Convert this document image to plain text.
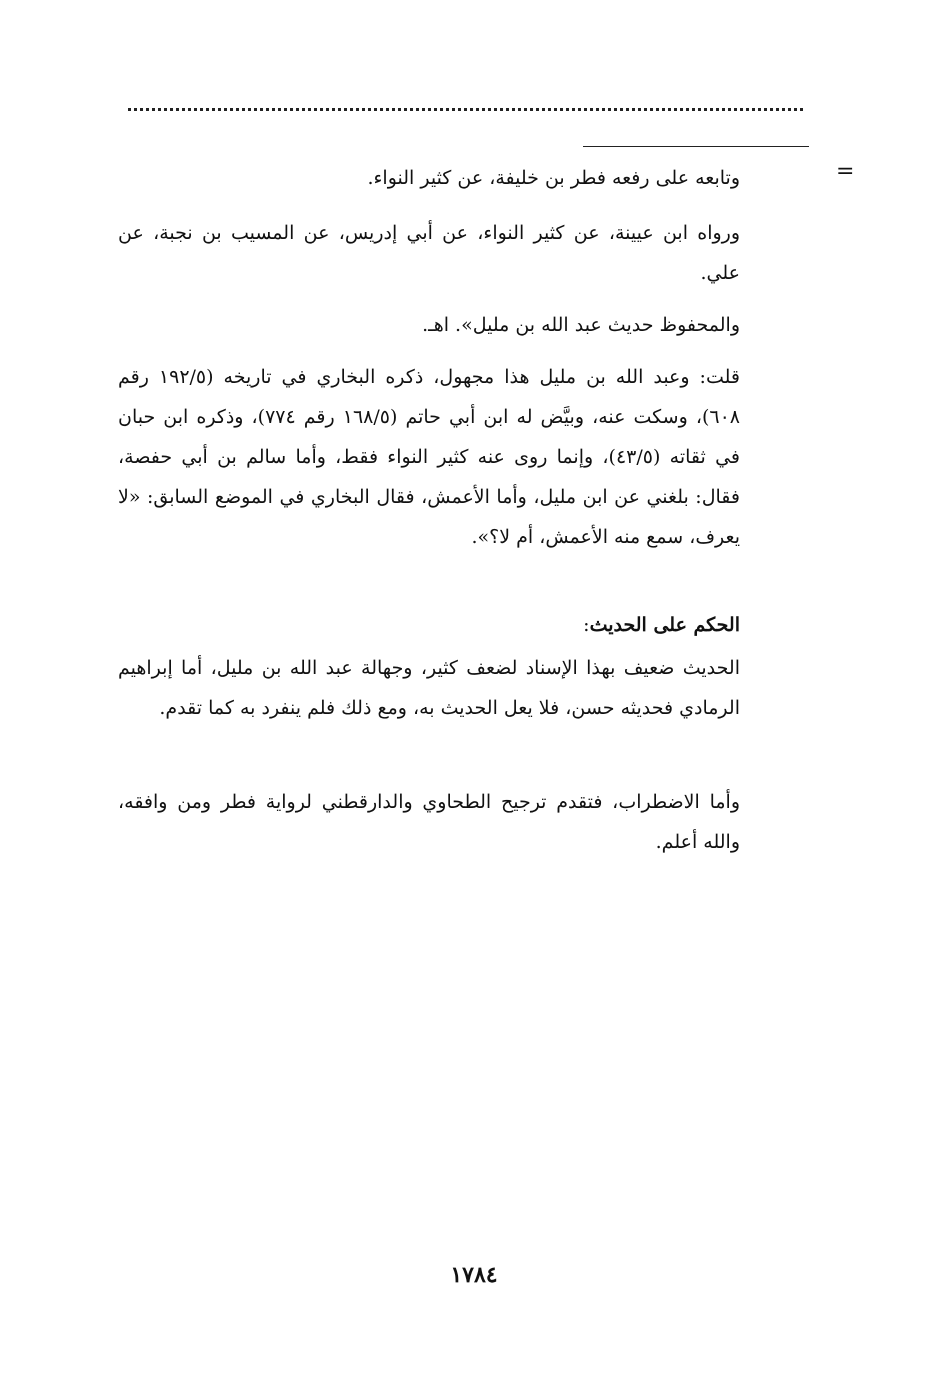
=

وتابعه على رفعه فطر بن خليفة، عن كثير النواء.

ورواه ابن عيينة، عن كثير النواء، عن أبي إدريس، عن المسيب بن نجبة، عن علي.

والمحفوظ حديث عبد الله بن مليل». اهـ.

قلت: وعبد الله بن مليل هذا مجهول، ذكره البخاري في تاريخه (١٩٢/٥ رقم ٦٠٨)، وسكت عنه، وبيَّض له ابن أبي حاتم (١٦٨/٥ رقم ٧٧٤)، وذكره ابن حبان في ثقاته (٤٣/٥)، وإنما روى عنه كثير النواء فقط، وأما سالم بن أبي حفصة، فقال: بلغني عن ابن مليل، وأما الأعمش، فقال البخاري في الموضع السابق: «لا يعرف، سمع منه الأعمش، أم لا؟».

الحكم على الحديث:

الحديث ضعيف بهذا الإسناد لضعف كثير، وجهالة عبد الله بن مليل، أما إبراهيم الرمادي فحديثه حسن، فلا يعل الحديث به، ومع ذلك فلم ينفرد به كما تقدم.

وأما الاضطراب، فتقدم ترجيح الطحاوي والدارقطني لرواية فطر ومن وافقه، والله أعلم.

١٧٨٤
